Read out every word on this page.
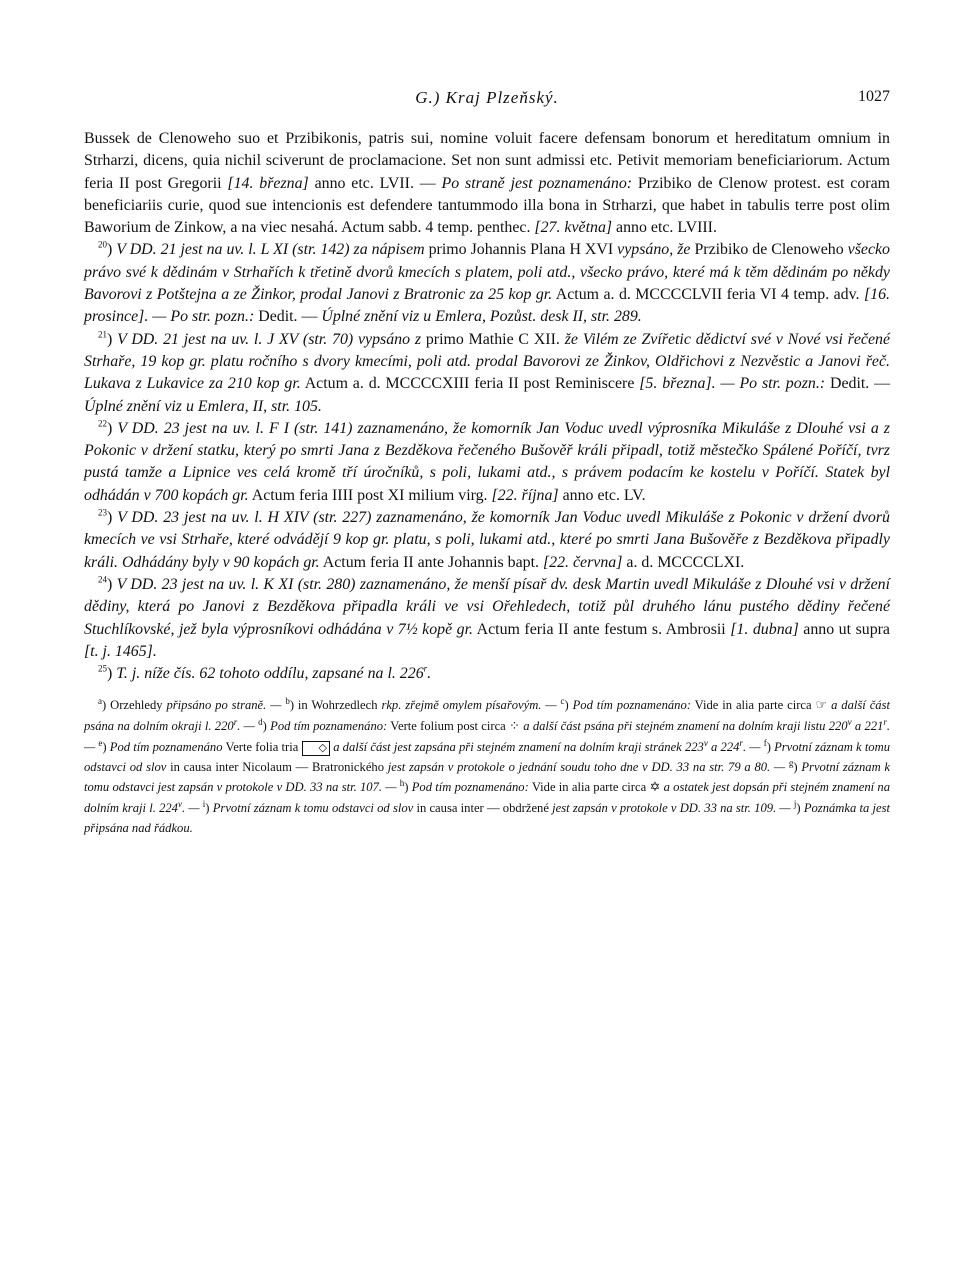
G.) Kraj Plzeňský.	1027

Bussek de Clenoweho suo et Przibikonis, patris sui, nomine voluit facere defensam bonorum et hereditatum omnium in Strharzi, dicens, quia nichil sciverunt de proclamacione. Set non sunt admissi etc. Petivit memoriam beneficiariorum. Actum feria II post Gregorii [14. března] anno etc. LVII. — Po straně jest poznamenáno: Przibiko de Clenow protest. est coram beneficiariis curie, quod sue intencionis est defendere tantummodo illa bona in Strharzi, que habet in tabulis terre post olim Baworium de Zinkow, a na viec nesahá. Actum sabb. 4 temp. penthec. [27. května] anno etc. LVIII.

$^{20}$) V DD. 21 jest na uv. l. L XI (str. 142) za nápisem primo Johannis Plana H XVI vypsáno, že Przibiko de Clenoweho všecko právo své k dědinám v Strhařích k třetině dvorů kmecích s platem, poli atd., všecko právo, které má k těm dědinám po někdy Bavorovi z Potštejna a ze Žinkor, prodal Janovi z Bratronic za 25 kop gr. Actum a. d. MCCCCLVII feria VI 4 temp. adv. [16. prosince]. — Po str. pozn.: Dedit. — Úplné znění viz u Emlera, Pozůst. desk II, str. 289.

$^{21}$) V DD. 21 jest na uv. l. J XV (str. 70) vypsáno z primo Mathie C XII. že Vilém ze Zvířetic dědictví své v Nové vsi řečené Strhaře, 19 kop gr. platu ročního s dvory kmecími, poli atd. prodal Bavorovi ze Žinkov, Oldřichovi z Nezvěstic a Janovi řeč. Lukava z Lukavice za 210 kop gr. Actum a. d. MCCCCXIII feria II post Reminiscere [5. března]. — Po str. pozn.: Dedit. — Úplné znění viz u Emlera, II, str. 105.

$^{22}$) V DD. 23 jest na uv. l. F I (str. 141) zaznamenáno, že komorník Jan Voduc uvedl výprosníka Mikuláše z Dlouhé vsi a z Pokonic v držení statku, který po smrti Jana z Bezděkova řečeného Bušověř králi připadl, totiž městečko Spálené Poříčí, tvrz pustá tamže a Lipnice ves celá kromě tří úročníků, s poli, lukami atd., s právem podacím ke kostelu v Poříčí. Statek byl odhádán v 700 kopách gr. Actum feria IIII post XI milium virg. [22. října] anno etc. LV.

$^{23}$) V DD. 23 jest na uv. l. H XIV (str. 227) zaznamenáno, že komorník Jan Voduc uvedl Mikuláše z Pokonic v držení dvorů kmecích ve vsi Strhaře, které odvádějí 9 kop gr. platu, s poli, lukami atd., které po smrti Jana Bušověře z Bezděkova připadly králi. Odhádány byly v 90 kopách gr. Actum feria II ante Johannis bapt. [22. června] a. d. MCCCCLXI.

$^{24}$) V DD. 23 jest na uv. l. K XI (str. 280) zaznamenáno, že menší písař dv. desk Martin uvedl Mikuláše z Dlouhé vsi v držení dědiny, která po Janovi z Bezděkova připadla králi ve vsi Ořehledech, totiž půl druhého lánu pustého dědiny řečené Stuchlíkovské, jež byla výprosníkovi odhádána v 7½ kopě gr. Actum feria II ante festum s. Ambrosii [1. dubna] anno ut supra [t. j. 1465].

$^{25}$) T. j. níže čís. 62 tohoto oddílu, zapsané na l. 226$^r$.

$^a$) Orzehledy připsáno po straně. — $^b$) in Wohrzedlech rkp. zřejmě omylem písařovým. — $^c$) Pod tím poznamenáno: Vide in alia parte circa ☞ a další část psána na dolním okraji l. 220$^r$. — $^d$) Pod tím poznamenáno: Verte folium post circa ⁘ a další část psána při stejném znamení na dolním kraji listu 220$^v$ a 221$^r$. — $^e$) Pod tím poznamenáno Verte folia tria ◇ a další část jest zapsána při stejném znamení na dolním kraji stránek 223$^v$ a 224$^r$. — $^f$) Prvotní záznam k tomu odstavci od slov in causa inter Nicolaum — Bratronického jest zapsán v protokole o jednání soudu toho dne v DD. 33 na str. 79 a 80. — $^g$) Prvotní záznam k tomu odstavci jest zapsán v protokole v DD. 33 na str. 107. — $^h$) Pod tím poznamenáno: Vide in alia parte circa ✡ a ostatek jest dopsán při stejném znamení na dolním kraji l. 224$^v$. — $^i$) Prvotní záznam k tomu odstavci od slov in causa inter — obdržené jest zapsán v protokole v DD. 33 na str. 109. — $^j$) Poznámka ta jest připsána nad řádkou.
